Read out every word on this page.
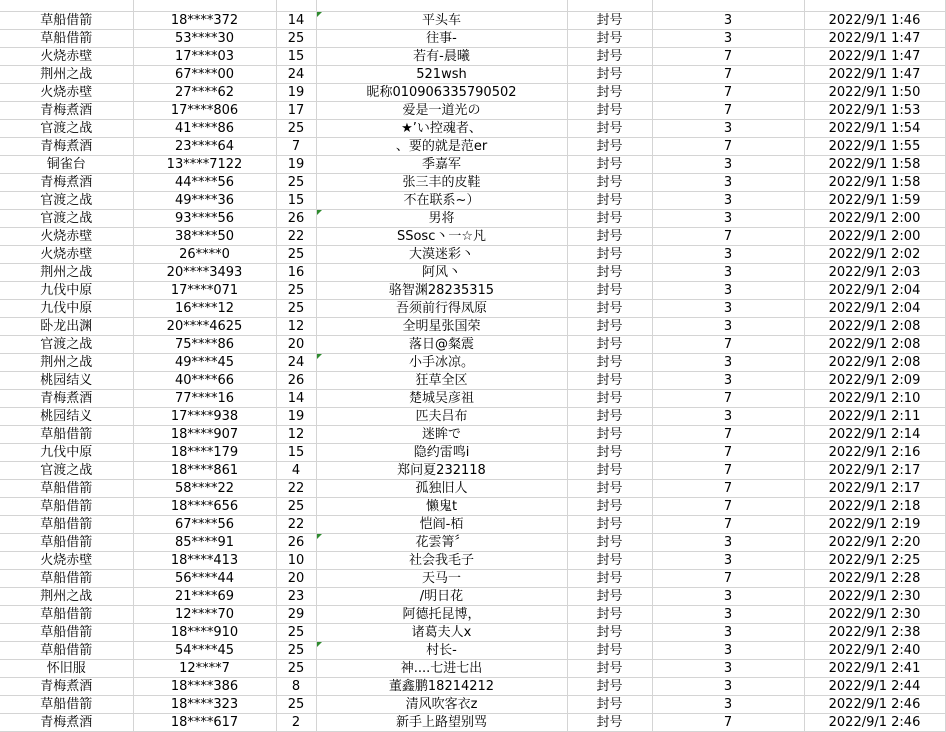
草船借箭	18****372	14	平头车	封号	3	2022/9/1 1:46
草船借箭	53****30	25	往事-	封号	3	2022/9/1 1:47
火烧赤壁	17****03	15	若有-晨曦	封号	7	2022/9/1 1:47
荆州之战	67****00	24	521wsh	封号	7	2022/9/1 1:47
火烧赤壁	27****62	19	昵称010906335790502	封号	7	2022/9/1 1:50
青梅煮酒	17****806	17	爱是一道光の	封号	7	2022/9/1 1:53
官渡之战	41****86	25	★’い控魂者、	封号	3	2022/9/1 1:54
青梅煮酒	23****64	7	、要的就是范er	封号	7	2022/9/1 1:55
铜雀台	13****7122	19	季嘉军	封号	3	2022/9/1 1:58
青梅煮酒	44****56	25	张三丰的皮鞋	封号	3	2022/9/1 1:58
官渡之战	49****36	15	不在联系~）	封号	3	2022/9/1 1:59
官渡之战	93****56	26	男将	封号	3	2022/9/1 2:00
火烧赤壁	38****50	22	SSosc丶一☆凡	封号	7	2022/9/1 2:00
火烧赤壁	26****0	25	大漠迷彩丶	封号	3	2022/9/1 2:02
荆州之战	20****3493	16	阿风丶	封号	3	2022/9/1 2:03
九伐中原	17****071	25	骆智渊28235315	封号	3	2022/9/1 2:04
九伐中原	16****12	25	吾须前行得凤原	封号	3	2022/9/1 2:04
卧龙出渊	20****4625	12	全明星张国荣	封号	3	2022/9/1 2:08
官渡之战	75****86	20	落日@粲震	封号	7	2022/9/1 2:08
荆州之战	49****45	24	小手冰凉。	封号	3	2022/9/1 2:08
桃园结义	40****66	26	狂草全区	封号	3	2022/9/1 2:09
青梅煮酒	77****16	14	楚城吴彦祖	封号	7	2022/9/1 2:10
桃园结义	17****938	19	匹夫吕布	封号	3	2022/9/1 2:11
草船借箭	18****907	12	迷眸で	封号	7	2022/9/1 2:14
九伐中原	18****179	15	隐约雷鸣i	封号	7	2022/9/1 2:16
官渡之战	18****861	4	郑问夏232118	封号	7	2022/9/1 2:17
草船借箭	58****22	22	孤独旧人	封号	7	2022/9/1 2:17
草船借箭	18****656	25	懒鬼t	封号	7	2022/9/1 2:18
草船借箭	67****56	22	恺阎-栢	封号	7	2022/9/1 2:19
草船借箭	85****91	26	花雲箐〞	封号	3	2022/9/1 2:20
火烧赤壁	18****413	10	社会我毛子	封号	3	2022/9/1 2:25
草船借箭	56****44	20	天马一	封号	7	2022/9/1 2:28
荆州之战	21****69	23	/明日花	封号	3	2022/9/1 2:30
草船借箭	12****70	29	阿德托昆博，	封号	3	2022/9/1 2:30
草船借箭	18****910	25	诸葛夫人x	封号	3	2022/9/1 2:38
草船借箭	54****45	25	村长-	封号	3	2022/9/1 2:40
怀旧服	12****7	25	神....七进七出	封号	3	2022/9/1 2:41
青梅煮酒	18****386	8	董鑫鹏18214212	封号	3	2022/9/1 2:44
草船借箭	18****323	25	清风吹客衣z	封号	3	2022/9/1 2:46
青梅煮酒	18****617	2	新手上路望别骂	封号	7	2022/9/1 2:46
